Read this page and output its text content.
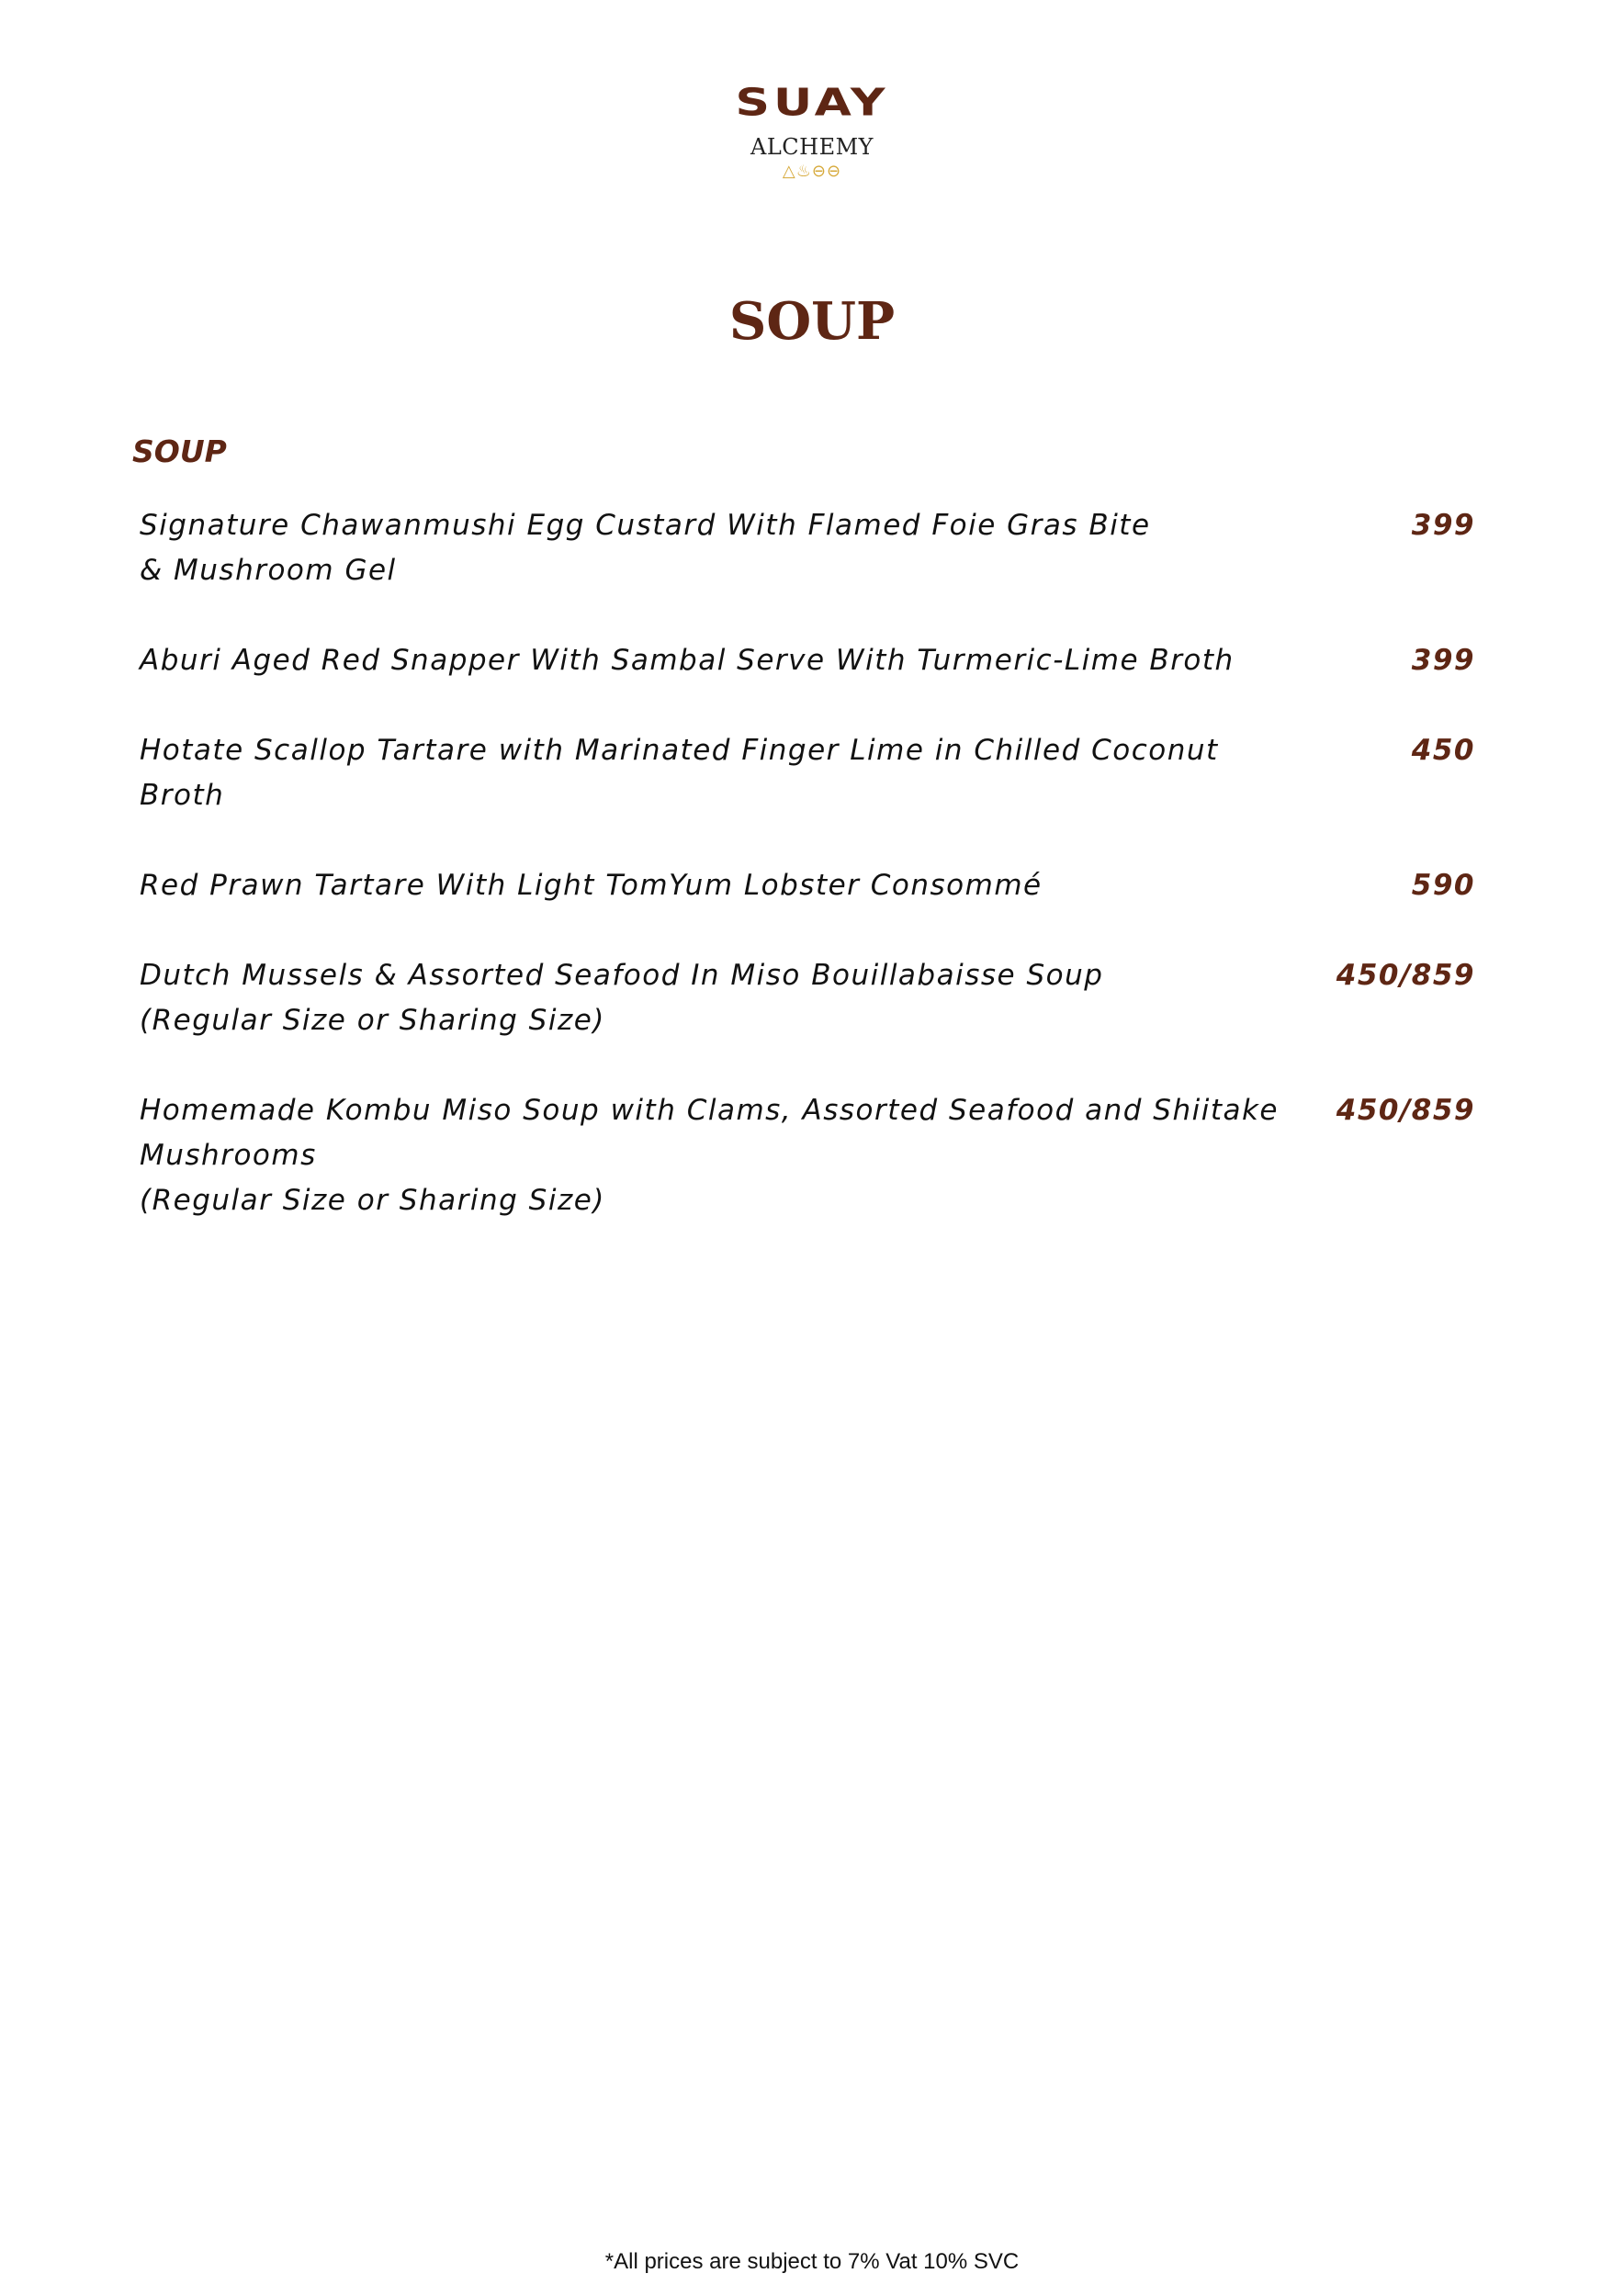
SUAY
ALCHEMY
△♨⊖⊖
SOUP
SOUP
Signature Chawanmushi Egg Custard With Flamed Foie Gras Bite
& Mushroom Gel
399
Aburi Aged Red Snapper With Sambal Serve With Turmeric-Lime Broth	399
Hotate Scallop Tartare with Marinated Finger Lime in Chilled Coconut Broth
450
Red Prawn Tartare With Light TomYum Lobster Consommé	590
Dutch Mussels & Assorted Seafood In Miso Bouillabaisse Soup
(Regular Size or Sharing Size)
450/859
Homemade Kombu Miso Soup with Clams, Assorted Seafood and Shiitake
Mushrooms
(Regular Size or Sharing Size)
450/859
*All prices are subject to 7% Vat 10% SVC
